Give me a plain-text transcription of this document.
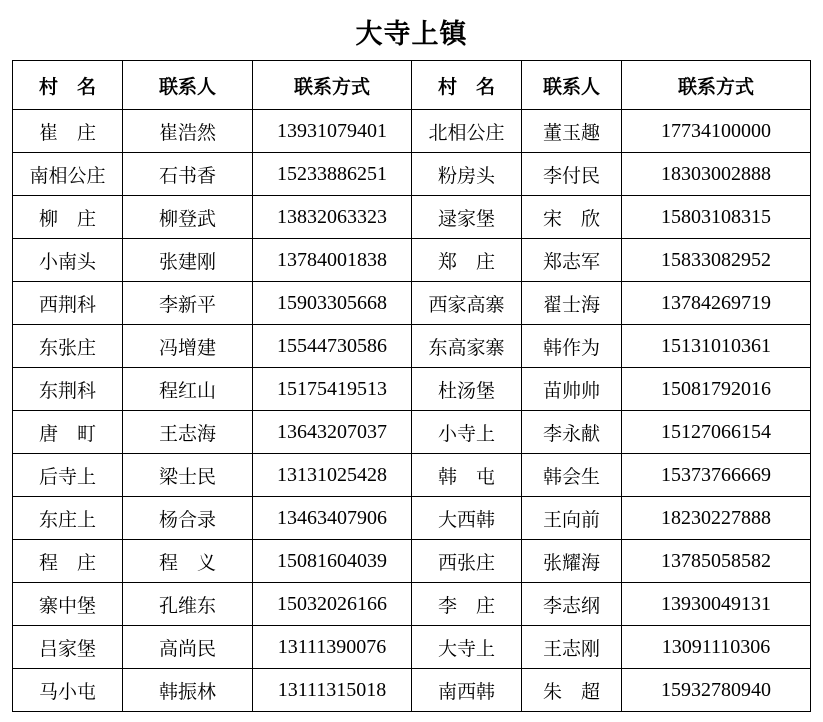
大寺上镇
村　名	联系人	联系方式	村　名	联系人	联系方式
崔　庄	崔浩然	13931079401	北相公庄	董玉趣	17734100000
南相公庄	石书香	15233886251	粉房头	李付民	18303002888
柳　庄	柳登武	13832063323	逯家堡	宋　欣	15803108315
小南头	张建刚	13784001838	郑　庄	郑志军	15833082952
西荆科	李新平	15903305668	西家高寨	翟士海	13784269719
东张庄	冯增建	15544730586	东高家寨	韩作为	15131010361
东荆科	程红山	15175419513	杜汤堡	苗帅帅	15081792016
唐　町	王志海	13643207037	小寺上	李永献	15127066154
后寺上	梁士民	13131025428	韩　屯	韩会生	15373766669
东庄上	杨合录	13463407906	大西韩	王向前	18230227888
程　庄	程　义	15081604039	西张庄	张耀海	13785058582
寨中堡	孔维东	15032026166	李　庄	李志纲	13930049131
吕家堡	高尚民	13111390076	大寺上	王志刚	13091110306
马小屯	韩振林	13111315018	南西韩	朱　超	15932780940
